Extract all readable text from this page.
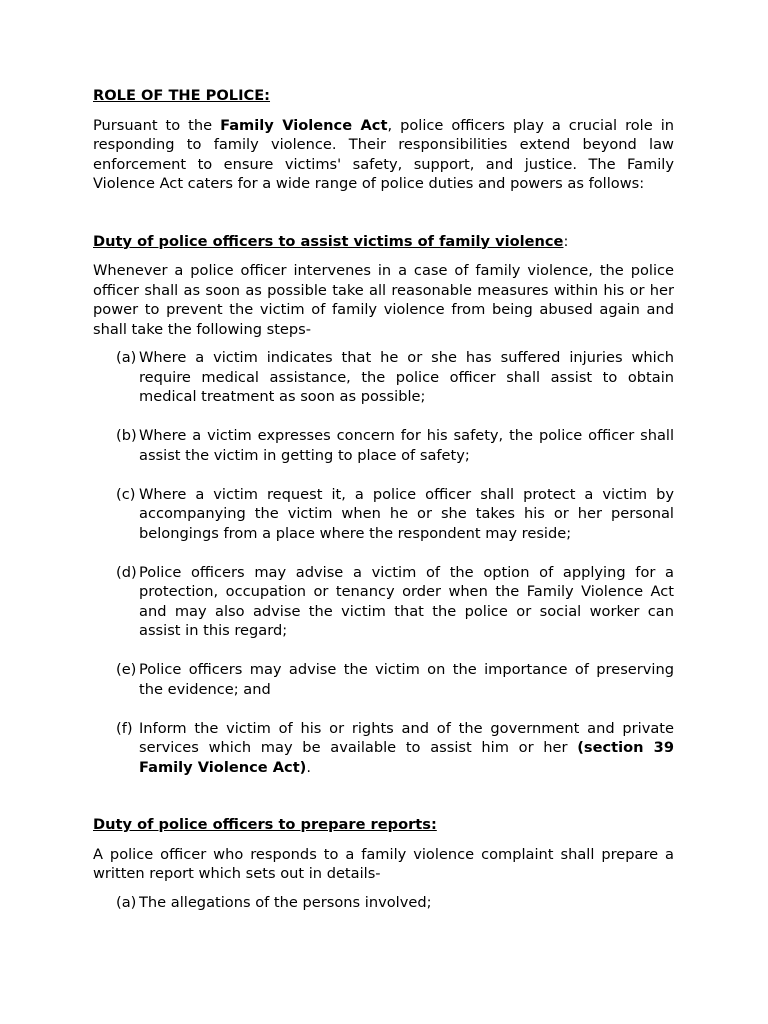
ROLE OF THE POLICE:

Pursuant to the Family Violence Act, police officers play a crucial role in responding to family violence. Their responsibilities extend beyond law enforcement to ensure victims' safety, support, and justice. The Family Violence Act caters for a wide range of police duties and powers as follows:

Duty of police officers to assist victims of family violence:

Whenever a police officer intervenes in a case of family violence, the police officer shall as soon as possible take all reasonable measures within his or her power to prevent the victim of family violence from being abused again and shall take the following steps-

(a) Where a victim indicates that he or she has suffered injuries which require medical assistance, the police officer shall assist to obtain medical treatment as soon as possible;
(b) Where a victim expresses concern for his safety, the police officer shall assist the victim in getting to place of safety;
(c) Where a victim request it, a police officer shall protect a victim by accompanying the victim when he or she takes his or her personal belongings from a place where the respondent may reside;
(d) Police officers may advise a victim of the option of applying for a protection, occupation or tenancy order when the Family Violence Act and may also advise the victim that the police or social worker can assist in this regard;
(e) Police officers may advise the victim on the importance of preserving the evidence; and
(f) Inform the victim of his or rights and of the government and private services which may be available to assist him or her (section 39 Family Violence Act).
Duty of police officers to prepare reports:

A police officer who responds to a family violence complaint shall prepare a written report which sets out in details-

(a) The allegations of the persons involved;
